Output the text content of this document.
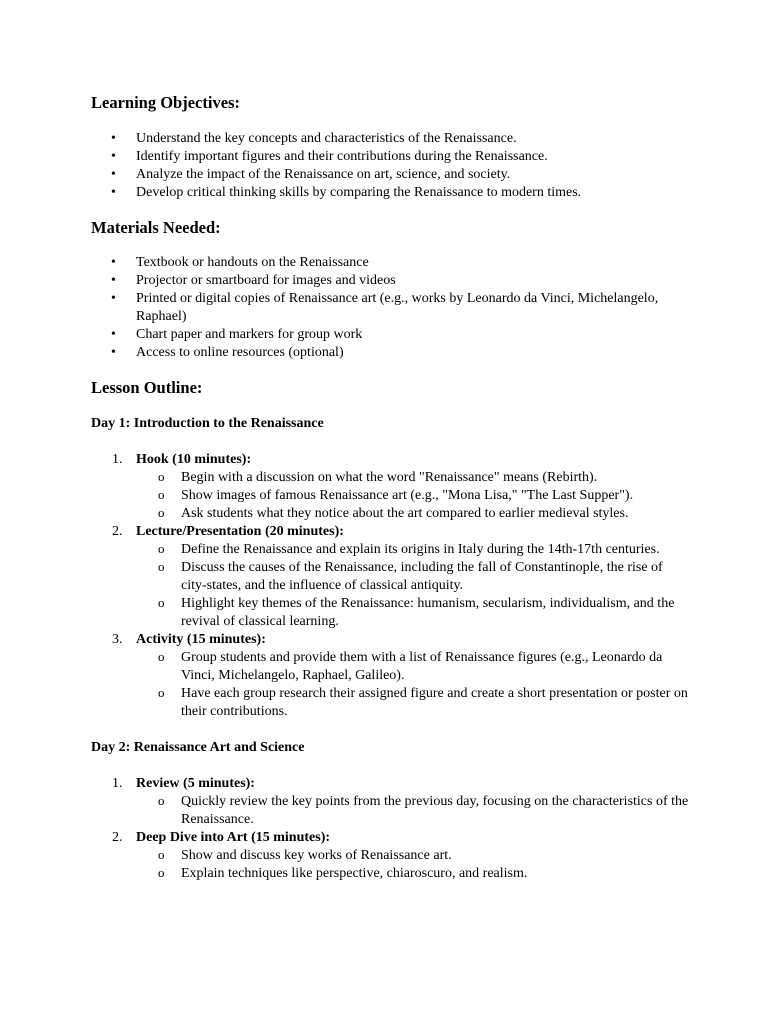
Learning Objectives:
• Understand the key concepts and characteristics of the Renaissance.
• Identify important figures and their contributions during the Renaissance.
• Analyze the impact of the Renaissance on art, science, and society.
• Develop critical thinking skills by comparing the Renaissance to modern times.
Materials Needed:
• Textbook or handouts on the Renaissance
• Projector or smartboard for images and videos
• Printed or digital copies of Renaissance art (e.g., works by Leonardo da Vinci, Michelangelo, Raphael)
• Chart paper and markers for group work
• Access to online resources (optional)
Lesson Outline:
Day 1: Introduction to the Renaissance
1. Hook (10 minutes):
o Begin with a discussion on what the word "Renaissance" means (Rebirth).
o Show images of famous Renaissance art (e.g., "Mona Lisa," "The Last Supper").
o Ask students what they notice about the art compared to earlier medieval styles.
2. Lecture/Presentation (20 minutes):
o Define the Renaissance and explain its origins in Italy during the 14th-17th centuries.
o Discuss the causes of the Renaissance, including the fall of Constantinople, the rise of city-states, and the influence of classical antiquity.
o Highlight key themes of the Renaissance: humanism, secularism, individualism, and the revival of classical learning.
3. Activity (15 minutes):
o Group students and provide them with a list of Renaissance figures (e.g., Leonardo da Vinci, Michelangelo, Raphael, Galileo).
o Have each group research their assigned figure and create a short presentation or poster on their contributions.
Day 2: Renaissance Art and Science
1. Review (5 minutes):
o Quickly review the key points from the previous day, focusing on the characteristics of the Renaissance.
2. Deep Dive into Art (15 minutes):
o Show and discuss key works of Renaissance art.
o Explain techniques like perspective, chiaroscuro, and realism.
